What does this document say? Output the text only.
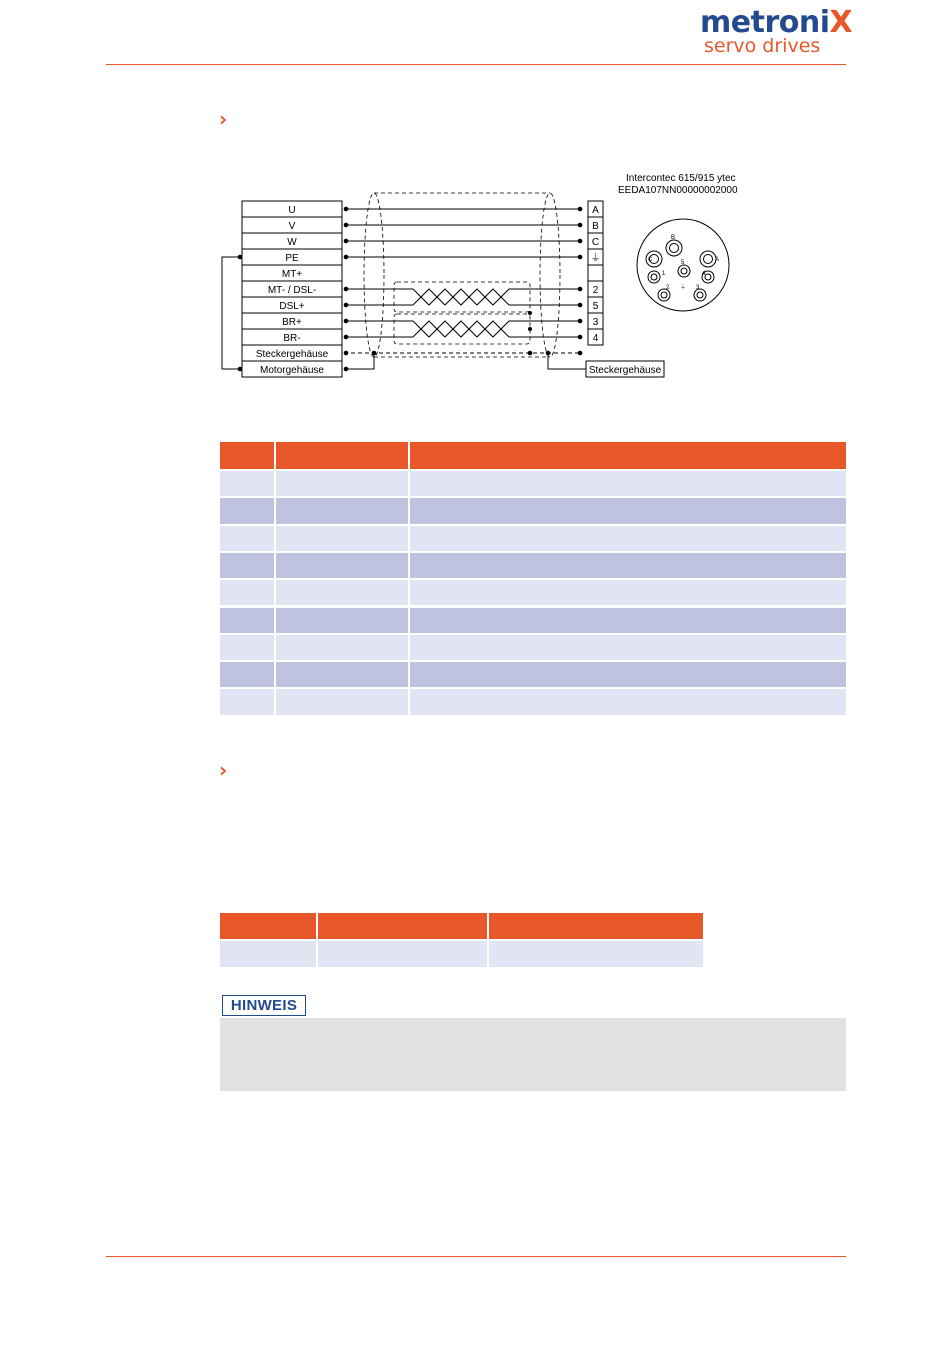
metroniX
servo drives
›
Intercontec 615/915 ytec
EEDA107NN00000002000
U
V
W
PE
MT+
MT- / DSL-
DSL+
BR+
BR-
Steckergehäuse
Motorgehäuse
A
B
C
⏚
2
5
3
4
Steckergehäuse
B
C	A
1
5
4
2 ⏚ 3
›
HINWEIS
